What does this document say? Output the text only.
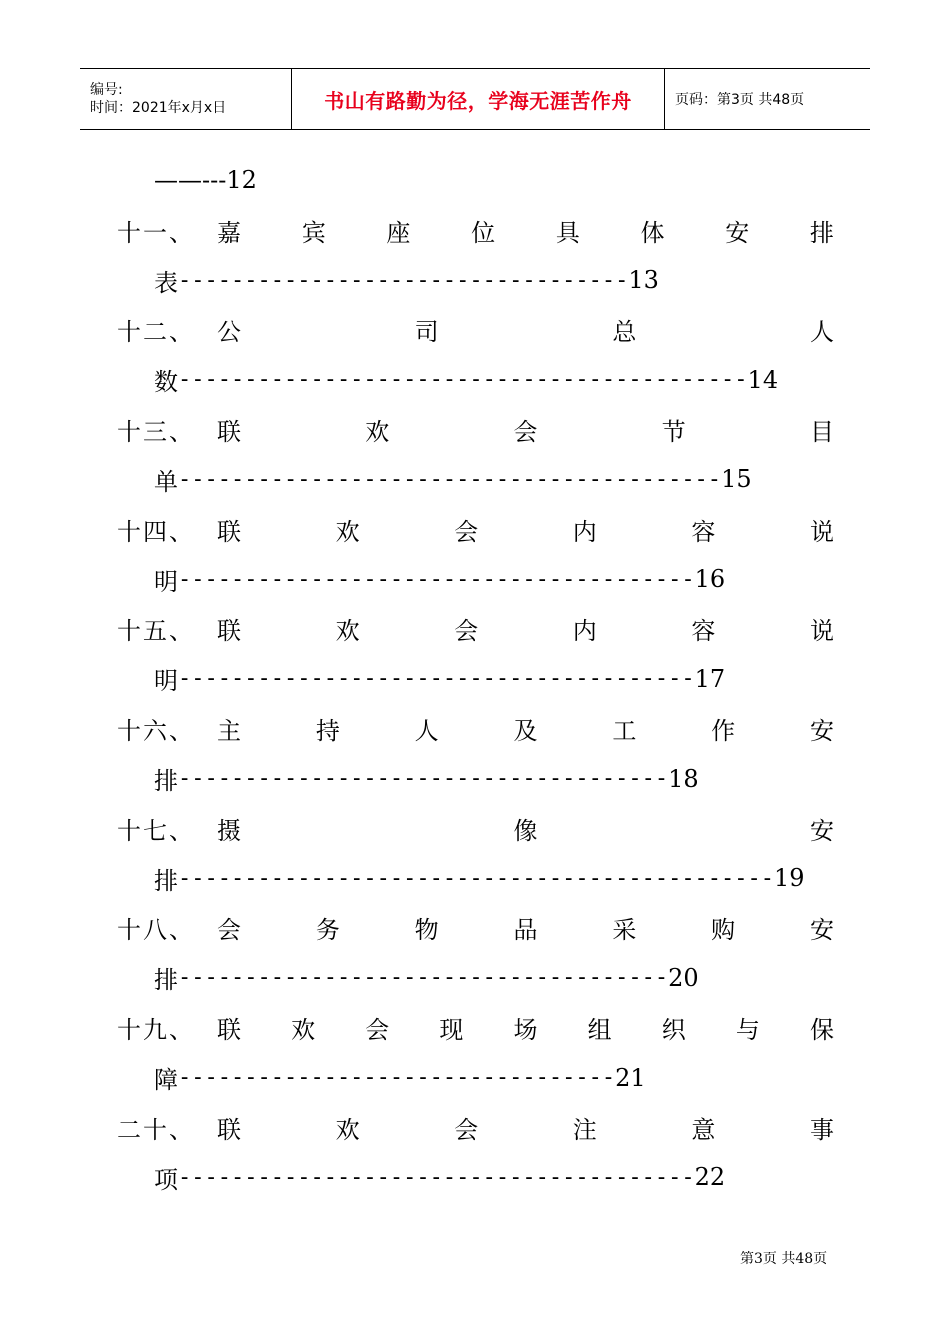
编号:
时间：2021年x月x日	书山有路勤为径，学海无涯苦作舟	页码：第3页 共48页
——---12
十一、 嘉	宾	座	位	具	体	安	排
表 ---------------------------------- 13
十二、 公	司	总	人
数 ------------------------------------------- 14
十三、 联	欢	会	节	目
单 ----------------------------------------- 15
十四、 联	欢	会	内	容	说
明 --------------------------------------- 16
十五、 联	欢	会	内	容	说
明 --------------------------------------- 17
十六、 主	持	人	及	工	作	安
排 ------------------------------------- 18
十七、 摄	像	安
排 --------------------------------------------- 19
十八、 会	务	物	品	采	购	安
排 ------------------------------------- 20
十九、 联 欢 会 现 场 组 织 与 保
障 --------------------------------- 21
二十、 联	欢	会	注	意	事
项 --------------------------------------- 22
第3页 共48页
